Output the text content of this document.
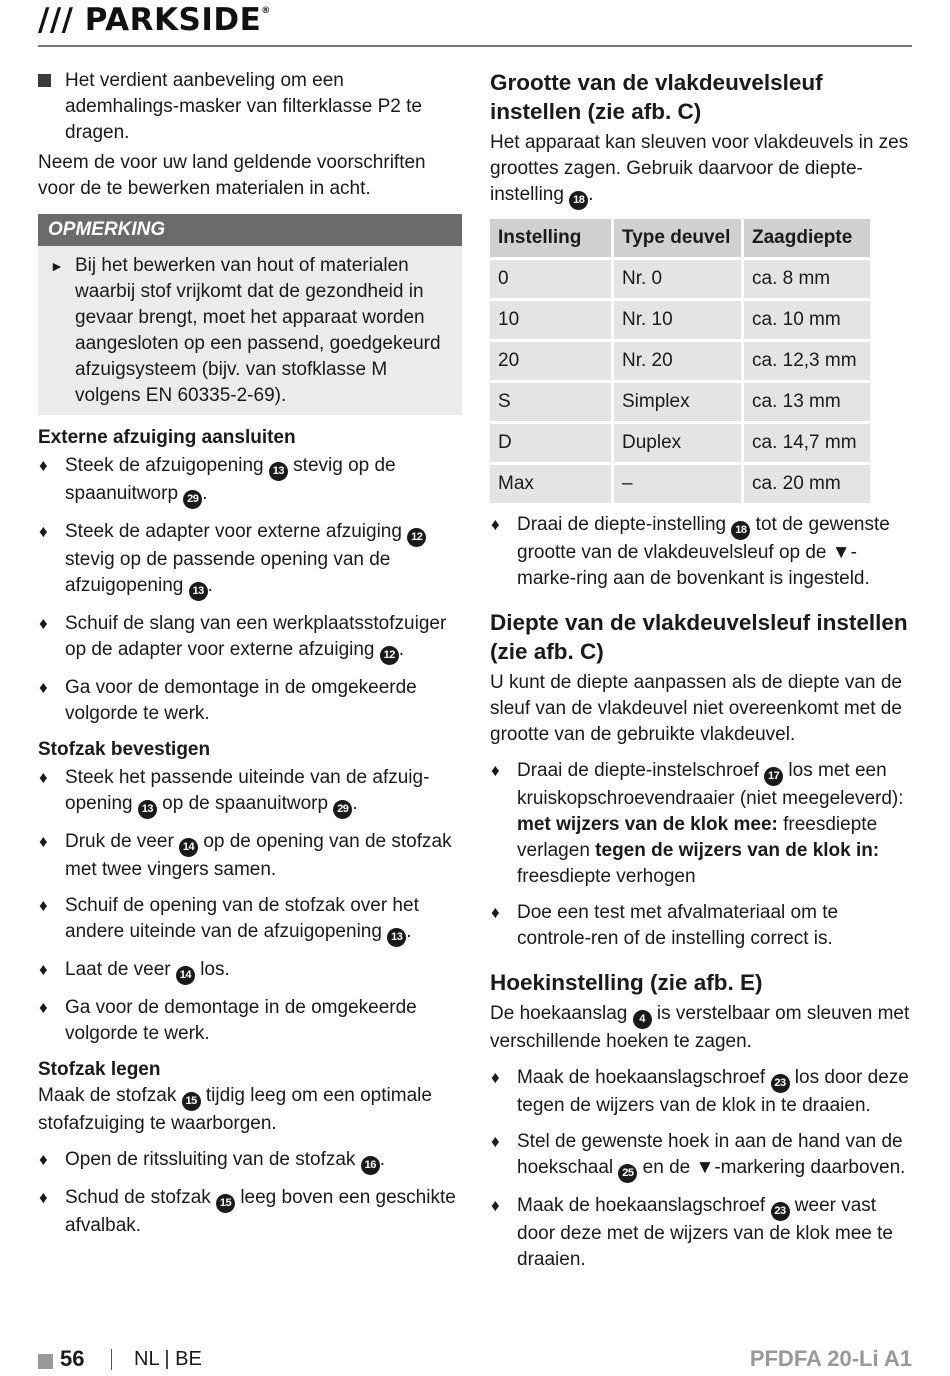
/// PARKSIDE®
Het verdient aanbeveling om een ademhalings-masker van filterklasse P2 te dragen.

Neem de voor uw land geldende voorschriften voor de te bewerken materialen in acht.

OPMERKING
► Bij het bewerken van hout of materialen waarbij stof vrijkomt dat de gezondheid in gevaar brengt, moet het apparaat worden aangesloten op een passend, goedgekeurd afzuigsysteem (bijv. van stofklasse M volgens EN 60335-2-69).
Externe afzuiging aansluiten
♦ Steek de afzuigopening 13 stevig op de spaanuitworp 29 .
♦ Steek de adapter voor externe afzuiging 12 stevig op de passende opening van de afzuigopening 13 .
♦ Schuif de slang van een werkplaatsstofzuiger op de adapter voor externe afzuiging 12 .
♦ Ga voor de demontage in de omgekeerde volgorde te werk.
Stofzak bevestigen
♦ Steek het passende uiteinde van de afzuig-opening 13 op de spaanuitworp 29 .
♦ Druk de veer 14 op de opening van de stofzak met twee vingers samen.
♦ Schuif de opening van de stofzak over het andere uiteinde van de afzuigopening 13 .
♦ Laat de veer 14 los.
♦ Ga voor de demontage in de omgekeerde volgorde te werk.
Stofzak legen

Maak de stofzak 15 tijdig leeg om een optimale stofafzuiging te waarborgen.

♦ Open de ritssluiting van de stofzak 16 .
♦ Schud de stofzak 15 leeg boven een geschikte afvalbak.
Grootte van de vlakdeuvelsleuf instellen (zie afb. C)

Het apparaat kan sleuven voor vlakdeuvels in zes groottes zagen. Gebruik daarvoor de diepte-instelling 18 .

Instelling	Type deuvel	Zaagdiepte
0	Nr. 0	ca. 8 mm
10	Nr. 10	ca. 10 mm
20	Nr. 20	ca. 12,3 mm
S	Simplex	ca. 13 mm
D	Duplex	ca. 14,7 mm
Max	–	ca. 20 mm
♦ Draai de diepte-instelling 18 tot de gewenste grootte van de vlakdeuvelsleuf op de ▼-marke-ring aan de bovenkant is ingesteld.
Diepte van de vlakdeuvelsleuf instellen (zie afb. C)

U kunt de diepte aanpassen als de diepte van de sleuf van de vlakdeuvel niet overeenkomt met de grootte van de gebruikte vlakdeuvel.

♦ Draai de diepte-instelschroef 17 los met een kruiskopschroevendraaier (niet meegeleverd): met wijzers van de klok mee: freesdiepte verlagen tegen de wijzers van de klok in: freesdiepte verhogen
♦ Doe een test met afvalmateriaal om te controle-ren of de instelling correct is.
Hoekinstelling (zie afb. E)

De hoekaanslag 4 is verstelbaar om sleuven met verschillende hoeken te zagen.

♦ Maak de hoekaanslagschroef 23 los door deze tegen de wijzers van de klok in te draaien.
♦ Stel de gewenste hoek in aan de hand van de hoekschaal 25 en de ▼-markering daarboven.
♦ Maak de hoekaanslagschroef 23 weer vast door deze met de wijzers van de klok mee te draaien.
56 NL | BE	PFDFA 20-Li A1
